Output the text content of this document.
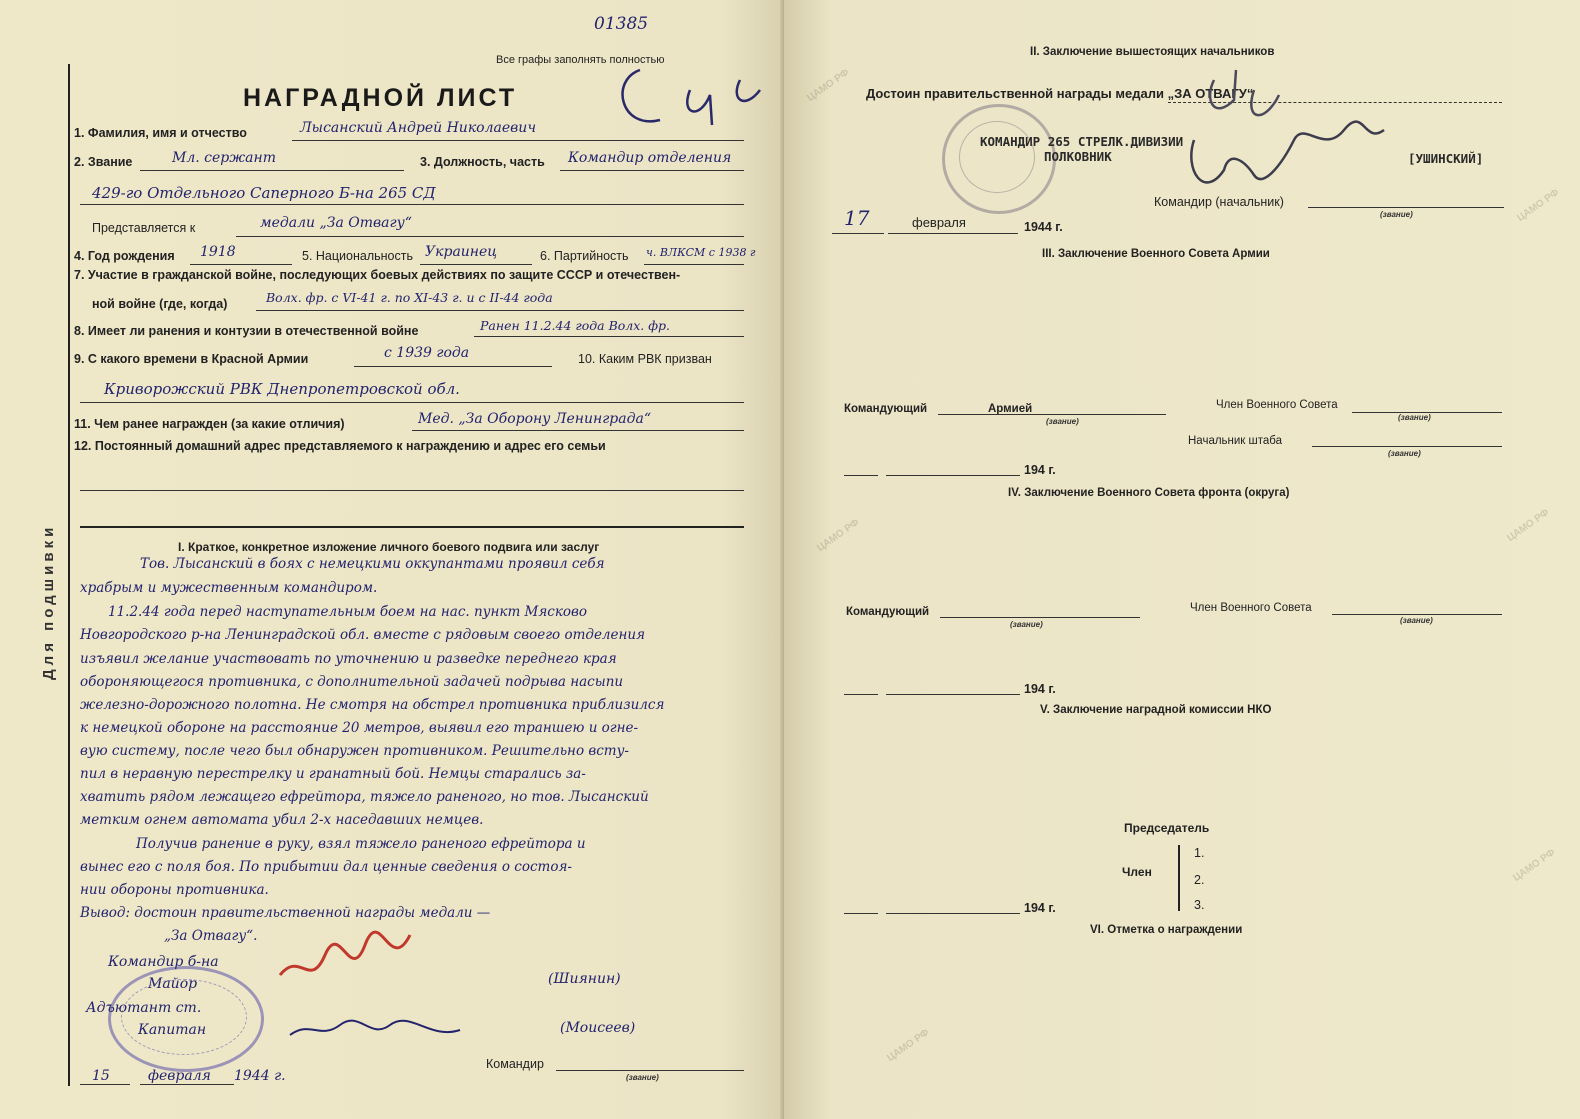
01385
Все графы заполнять полностью
НАГРАДНОЙ ЛИСТ
Для подшивки
1. Фамилия, имя и отчество	Лысанский Андрей Николаевич
2. Звание	Мл. сержант	3. Должность, часть Командир отделения
429-го Отдельного Саперного Б-на 265 СД
Представляется к	медали „За Отвагу“
4. Год рождения 1918	5. Национальность Украинец	6. Партийность ч. ВЛКСМ с 1938 г
7. Участие в гражданской войне, последующих боевых действиях по защите СССР и отечествен-
ной войне (где, когда)	Волх. фр. с VI-41 г. по XI-43 г. и с II-44 года
8. Имеет ли ранения и контузии в отечественной войне	Ранен 11.2.44 года Волх. фр.
9. С какого времени в Красной Армии	с 1939 года	10. Каким РВК призван
Криворожский РВК Днепропетровской обл.
11. Чем ранее награжден (за какие отличия)	Мед. „За Оборону Ленинграда“
12. Постоянный домашний адрес представляемого к награждению и адрес его семьи
I. Краткое, конкретное изложение личного боевого подвига или заслуг
Тов. Лысанский в боях с немецкими оккупантами проявил себя
храбрым и мужественным командиром.
11.2.44 года перед наступательным боем на нас. пункт Мясково
Новгородского р-на Ленинградской обл. вместе с рядовым своего отделения
изъявил желание участвовать по уточнению и разведке переднего края
обороняющегося противника, с дополнительной задачей подрыва насыпи
железно-дорожного полотна. Не смотря на обстрел противника приблизился
к немецкой обороне на расстояние 20 метров, выявил его траншею и огне-
вую систему, после чего был обнаружен противником. Решительно всту-
пил в неравную перестрелку и гранатный бой. Немцы старались за-
хватить рядом лежащего ефрейтора, тяжело раненого, но тов. Лысанский
метким огнем автомата убил 2-х наседавших немцев.
Получив ранение в руку, взял тяжело раненого ефрейтора и
вынес его с поля боя. По прибытии дал ценные сведения о состоя-
нии обороны противника.
Вывод: достоин правительственной награды медали —
„За Отвагу“.
Командир б-на
Майор	(Шиянин)
Адъютант ст.
Капитан	(Моисеев)
Командир
(звание)
15	февраля 1944 г.
II. Заключение вышестоящих начальников
Достоин правительственной награды медали „ЗА ОТВАГУ“
КОМАНДИР 265 СТРЕЛК.ДИВИЗИИ
ПОЛКОВНИК	[УШИНСКИЙ]
Командир (начальник)
(звание)
17	февраля	1944 г.
III. Заключение Военного Совета Армии
Командующий	Армией
(звание)
Член Военного Совета
(звание)
Начальник штаба
(звание)
194 г.
IV. Заключение Военного Совета фронта (округа)
Командующий
(звание)
Член Военного Совета
(звание)
194 г.
V. Заключение наградной комиссии НКО
Председатель
Член
1.
2.
3.
194 г.
VI. Отметка о награждении
ЦАМО РФ
ЦАМО РФ
ЦАМО РФ
ЦАМО РФ
ЦАМО РФ
ЦАМО РФ
